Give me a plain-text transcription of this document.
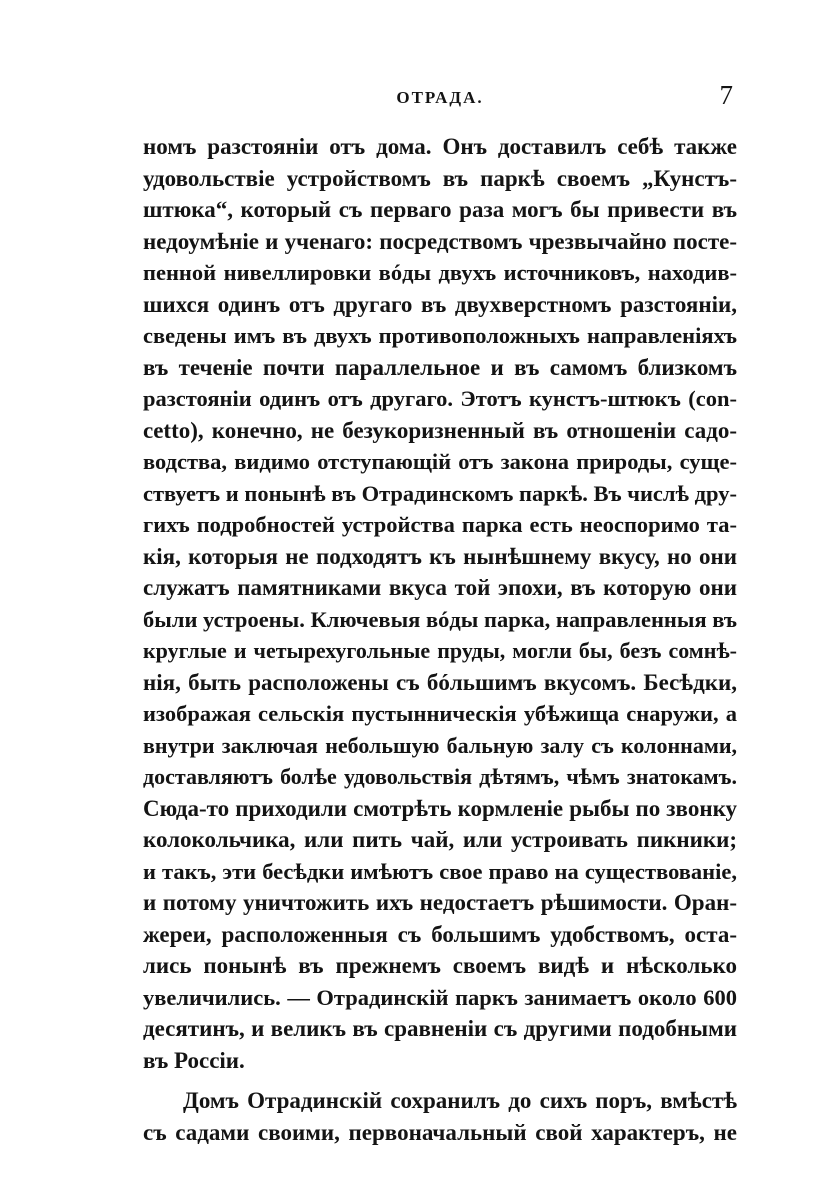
ОТРАДА.	7
номъ разстоянiи отъ дома. Онъ доставилъ себѣ также
удовольствiе устройствомъ въ паркѣ своемъ „Кунстъ-
штюка“, который съ перваго раза могъ бы привести въ
недоумѣнiе и ученаго: посредствомъ чрезвычайно посте-
пенной нивеллировки вóды двухъ источниковъ, находив-
шихся одинъ отъ другаго въ двухверстномъ разстоянiи,
сведены имъ въ двухъ противоположныхъ направленiяхъ
въ теченiе почти параллельное и въ самомъ близкомъ
разстоянiи одинъ отъ другаго. Этотъ кунстъ-штюкъ (con-
cetto), конечно, не безукоризненный въ отношенiи садо-
водства, видимо отступающiй отъ закона природы, суще-
ствуетъ и понынѣ въ Отрадинскомъ паркѣ. Въ числѣ дру-
гихъ подробностей устройства парка есть неоспоримо та-
кiя, которыя не подходятъ къ нынѣшнему вкусу, но они
служатъ памятниками вкуса той эпохи, въ которую они
были устроены. Ключевыя вóды парка, направленныя въ
круглые и четырехугольные пруды, могли бы, безъ сомнѣ-
нiя, быть расположены съ бóльшимъ вкусомъ. Бесѣдки,
изображая сельскiя пустынническiя убѣжища снаружи, а
внутри заключая небольшую бальную залу съ колоннами,
доставляютъ болѣе удовольствiя дѣтямъ, чѣмъ знатокамъ.
Сюда-то приходили смотрѣть кормленiе рыбы по звонку
колокольчика, или пить чай, или устроивать пикники;
и такъ, эти бесѣдки имѣютъ свое право на существованiе,
и потому уничтожить ихъ недостаетъ рѣшимости. Оран-
жереи, расположенныя съ большимъ удобствомъ, оста-
лись понынѣ въ прежнемъ своемъ видѣ и нѣсколько
увеличились. — Отрадинскiй паркъ занимаетъ около 600
десятинъ, и великъ въ сравненiи съ другими подобными
въ Россiи.
Домъ Отрадинскiй сохранилъ до сихъ поръ, вмѣстѣ
съ садами своими, первоначальный свой характеръ, не
